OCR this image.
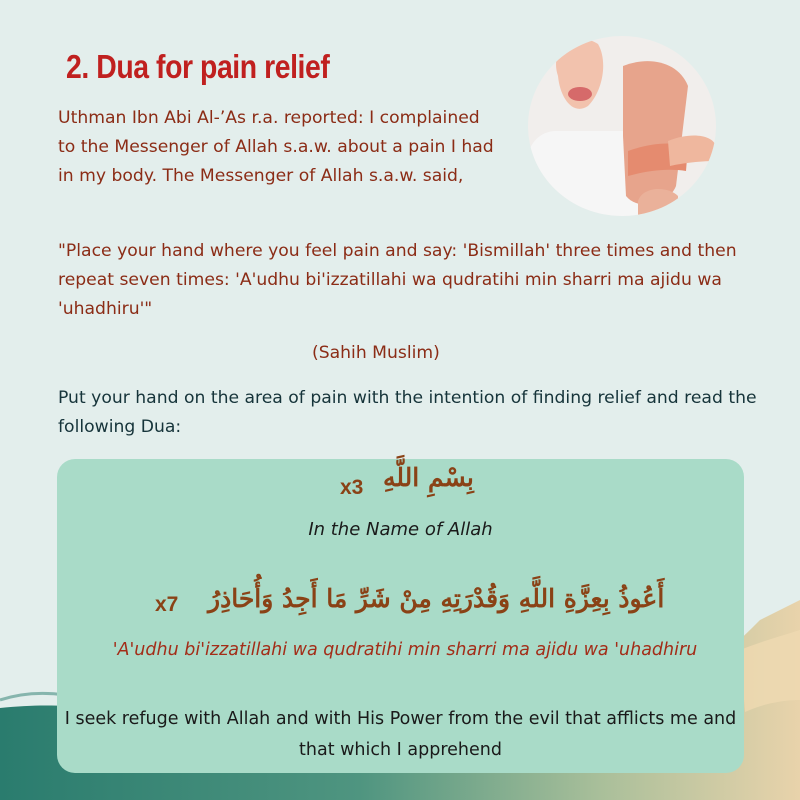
2. Dua for pain relief
Uthman Ibn Abi Al-’As r.a. reported: I complained to the Messenger of Allah s.a.w. about a pain I had in my body. The Messenger of Allah s.a.w. said,
"Place your hand where you feel pain and say: 'Bismillah' three times and then repeat seven times: 'A'udhu bi'izzatillahi wa qudratihi min sharri ma ajidu wa 'uhadhiru'"
(Sahih Muslim)
Put your hand on the area of pain with the intention of finding relief and read the following Dua:
بِسْمِ اللَّهِ
x3
In the Name of Allah
أَعُوذُ بِعِزَّةِ اللَّهِ وَقُدْرَتِهِ مِنْ شَرِّ مَا أَجِدُ وَأُحَاذِرُ
x7
'A'udhu bi'izzatillahi wa qudratihi min sharri ma ajidu wa 'uhadhiru
I seek refuge with Allah and with His Power from the evil that afflicts me and that which I apprehend
